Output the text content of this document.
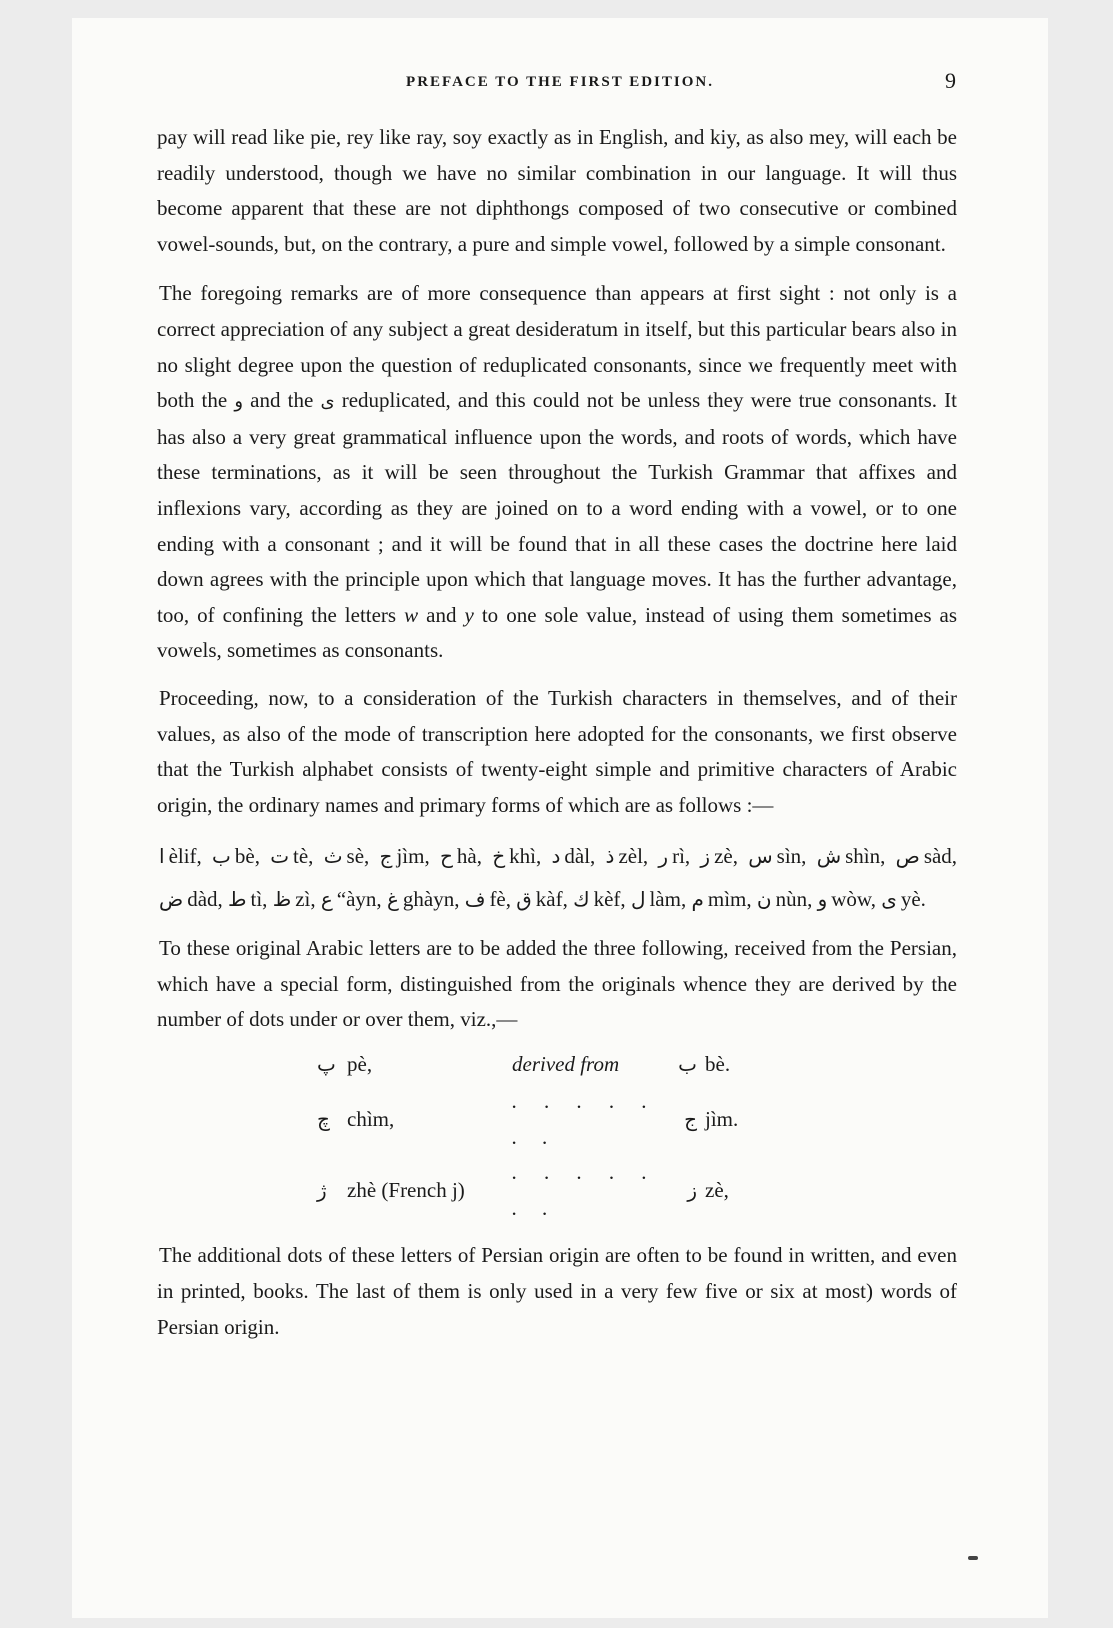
PREFACE TO THE FIRST EDITION.	9

pay will read like pie, rey like ray, soy exactly as in English, and kiy, as also mey, will each be readily understood, though we have no similar combination in our language. It will thus become apparent that these are not diphthongs composed of two consecutive or combined vowel-sounds, but, on the contrary, a pure and simple vowel, followed by a simple consonant.

The foregoing remarks are of more consequence than appears at first sight : not only is a correct appreciation of any subject a great desideratum in itself, but this particular bears also in no slight degree upon the question of reduplicated consonants, since we frequently meet with both the و and the ی reduplicated, and this could not be unless they were true consonants. It has also a very great grammatical influence upon the words, and roots of words, which have these terminations, as it will be seen throughout the Turkish Grammar that affixes and inflexions vary, according as they are joined on to a word ending with a vowel, or to one ending with a consonant ; and it will be found that in all these cases the doctrine here laid down agrees with the principle upon which that language moves. It has the further advantage, too, of confining the letters w and y to one sole value, instead of using them sometimes as vowels, sometimes as consonants.

Proceeding, now, to a consideration of the Turkish characters in themselves, and of their values, as also of the mode of transcription here adopted for the consonants, we first observe that the Turkish alphabet consists of twenty-eight simple and primitive characters of Arabic origin, the ordinary names and primary forms of which are as follows :—

ا èlif, ب bè, ت tè, ث sè, ج jìm, ح hà, خ khì, د dàl, ذ zèl, ر rì, ز zè, س sìn, ش shìn, ص sàd, ض dàd, ط tì, ظ zì, ع “àyn, غ ghàyn, ف fè, ق kàf, ك kèf, ل làm, م mìm, ن nùn, و wòw, ی yè.

To these original Arabic letters are to be added the three following, received from the Persian, which have a special form, distinguished from the originals whence they are derived by the number of dots under or over them, viz.,—

پ	pè,	derived from	ب	bè.
چ	chìm,	. . . . . . .	ج	jìm.
ژ	zhè (French j)	. . . . . . .	ز	zè,

The additional dots of these letters of Persian origin are often to be found in written, and even in printed, books. The last of them is only used in a very few five or six at most) words of Persian origin.
